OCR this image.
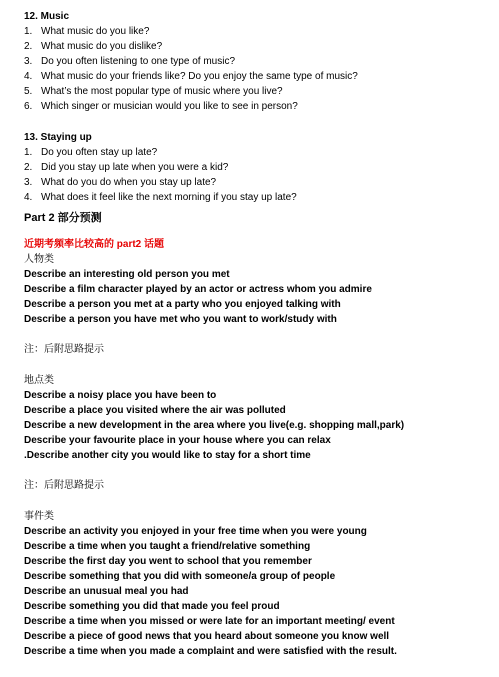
12. Music

1. What music do you like?
2. What music do you dislike?
3. Do you often listening to one type of music?
4. What music do your friends like? Do you enjoy the same type of music?
5. What’s the most popular type of music where you live?
6. Which singer or musician would you like to see in person?

13. Staying up

1. Do you often stay up late?
2. Did you stay up late when you were a kid?
3. What do you do when you stay up late?
4. What does it feel like the next morning if you stay up late?

Part 2 部分预测

近期考频率比较高的 part2 话题

人物类

Describe an interesting old person you met

Describe a film character played by an actor or actress whom you admire

Describe a person you met at a party who you enjoyed talking with

Describe a person you have met who you want to work/study with

注：后附思路提示

地点类

Describe a noisy place you have been to

Describe a place you visited where the air was polluted

Describe a new development in the area where you live(e.g. shopping mall,park)

Describe your favourite place in your house where you can relax

.Describe another city you would like to stay for a short time

注：后附思路提示

事件类

Describe an activity you enjoyed in your free time when you were young

Describe a time when you taught a friend/relative something

Describe the first day you went to school that you remember

Describe something that you did with someone/a group of people

Describe an unusual meal you had

Describe something you did that made you feel proud

Describe a time when you missed or were late for an important meeting/ event

Describe a piece of good news that you heard about someone you know well

Describe a time when you made a complaint and were satisfied with the result.
